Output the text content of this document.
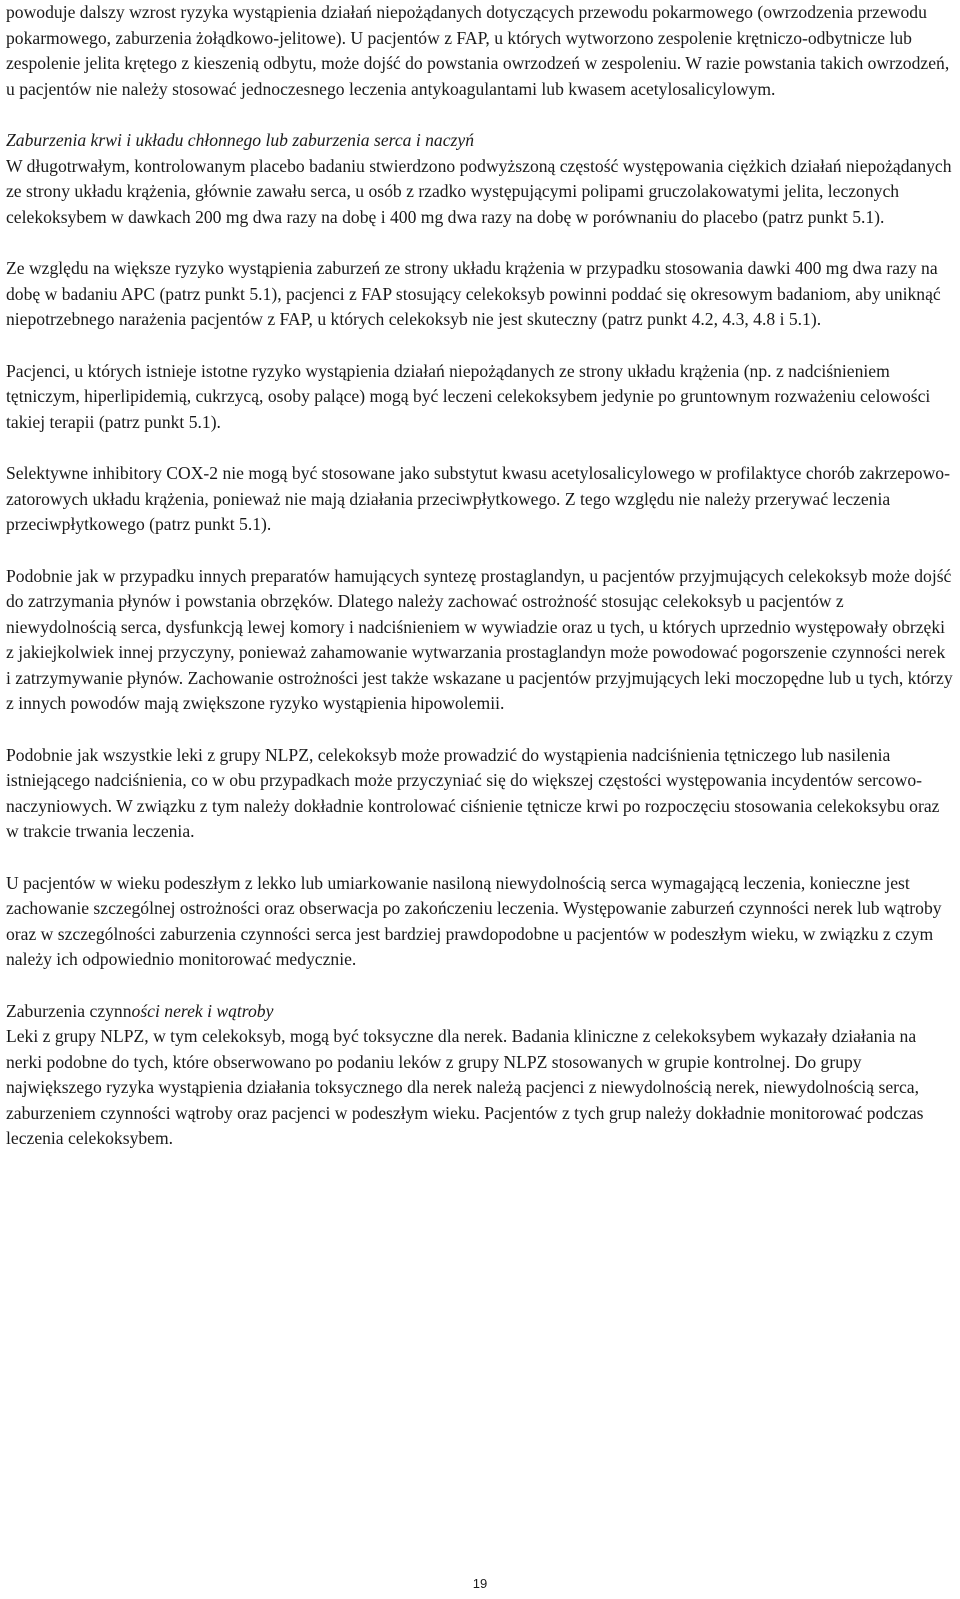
powoduje dalszy wzrost ryzyka wystąpienia działań niepożądanych dotyczących przewodu pokarmowego (owrzodzenia przewodu pokarmowego, zaburzenia żołądkowo-jelitowe). U pacjentów z FAP, u których wytworzono zespolenie krętniczo-odbytnicze lub zespolenie jelita krętego z kieszenią odbytu, może dojść do powstania owrzodzeń w zespoleniu. W razie powstania takich owrzodzeń, u pacjentów nie należy stosować jednoczesnego leczenia antykoagulantami lub kwasem acetylosalicylowym.

Zaburzenia krwi i układu chłonnego lub zaburzenia serca i naczyń

W długotrwałym, kontrolowanym placebo badaniu stwierdzono podwyższoną częstość występowania ciężkich działań niepożądanych ze strony układu krążenia, głównie zawału serca, u osób z rzadko występującymi polipami gruczolakowatymi jelita, leczonych celekoksybem w dawkach 200 mg dwa razy na dobę i 400 mg dwa razy na dobę w porównaniu do placebo (patrz punkt 5.1).

Ze względu na większe ryzyko wystąpienia zaburzeń ze strony układu krążenia w przypadku stosowania dawki 400 mg dwa razy na dobę w badaniu APC (patrz punkt 5.1), pacjenci z FAP stosujący celekoksyb powinni poddać się okresowym badaniom, aby uniknąć niepotrzebnego narażenia pacjentów z FAP, u których celekoksyb nie jest skuteczny (patrz punkt 4.2, 4.3, 4.8 i 5.1).

Pacjenci, u których istnieje istotne ryzyko wystąpienia działań niepożądanych ze strony układu krążenia (np. z nadciśnieniem tętniczym, hiperlipidemią, cukrzycą, osoby palące) mogą być leczeni celekoksybem jedynie po gruntownym rozważeniu celowości takiej terapii (patrz punkt 5.1).

Selektywne inhibitory COX-2 nie mogą być stosowane jako substytut kwasu acetylosalicylowego w profilaktyce chorób zakrzepowo-zatorowych układu krążenia, ponieważ nie mają działania przeciwpłytkowego. Z tego względu nie należy przerywać leczenia przeciwpłytkowego (patrz punkt 5.1).

Podobnie jak w przypadku innych preparatów hamujących syntezę prostaglandyn, u pacjentów przyjmujących celekoksyb może dojść do zatrzymania płynów i powstania obrzęków. Dlatego należy zachować ostrożność stosując celekoksyb u pacjentów z niewydolnością serca, dysfunkcją lewej komory i nadciśnieniem w wywiadzie oraz u tych, u których uprzednio występowały obrzęki z jakiejkolwiek innej przyczyny, ponieważ zahamowanie wytwarzania prostaglandyn może powodować pogorszenie czynności nerek i zatrzymywanie płynów. Zachowanie ostrożności jest także wskazane u pacjentów przyjmujących leki moczopędne lub u tych, którzy z innych powodów mają zwiększone ryzyko wystąpienia hipowolemii.

Podobnie jak wszystkie leki z grupy NLPZ, celekoksyb może prowadzić do wystąpienia nadciśnienia tętniczego lub nasilenia istniejącego nadciśnienia, co w obu przypadkach może przyczyniać się do większej częstości występowania incydentów sercowo-naczyniowych. W związku z tym należy dokładnie kontrolować ciśnienie tętnicze krwi po rozpoczęciu stosowania celekoksybu oraz w trakcie trwania leczenia.

U pacjentów w wieku podeszłym z lekko lub umiarkowanie nasiloną niewydolnością serca wymagającą leczenia, konieczne jest zachowanie szczególnej ostrożności oraz obserwacja po zakończeniu leczenia. Występowanie zaburzeń czynności nerek lub wątroby oraz w szczególności zaburzenia czynności serca jest bardziej prawdopodobne u pacjentów w podeszłym wieku, w związku z czym należy ich odpowiednio monitorować medycznie.

Zaburzenia czynności nerek i wątroby

Leki z grupy NLPZ, w tym celekoksyb, mogą być toksyczne dla nerek. Badania kliniczne z celekoksybem wykazały działania na nerki podobne do tych, które obserwowano po podaniu leków z grupy NLPZ stosowanych w grupie kontrolnej. Do grupy największego ryzyka wystąpienia działania toksycznego dla nerek należą pacjenci z niewydolnością nerek, niewydolnością serca, zaburzeniem czynności wątroby oraz pacjenci w podeszłym wieku. Pacjentów z tych grup należy dokładnie monitorować podczas leczenia celekoksybem.

19
